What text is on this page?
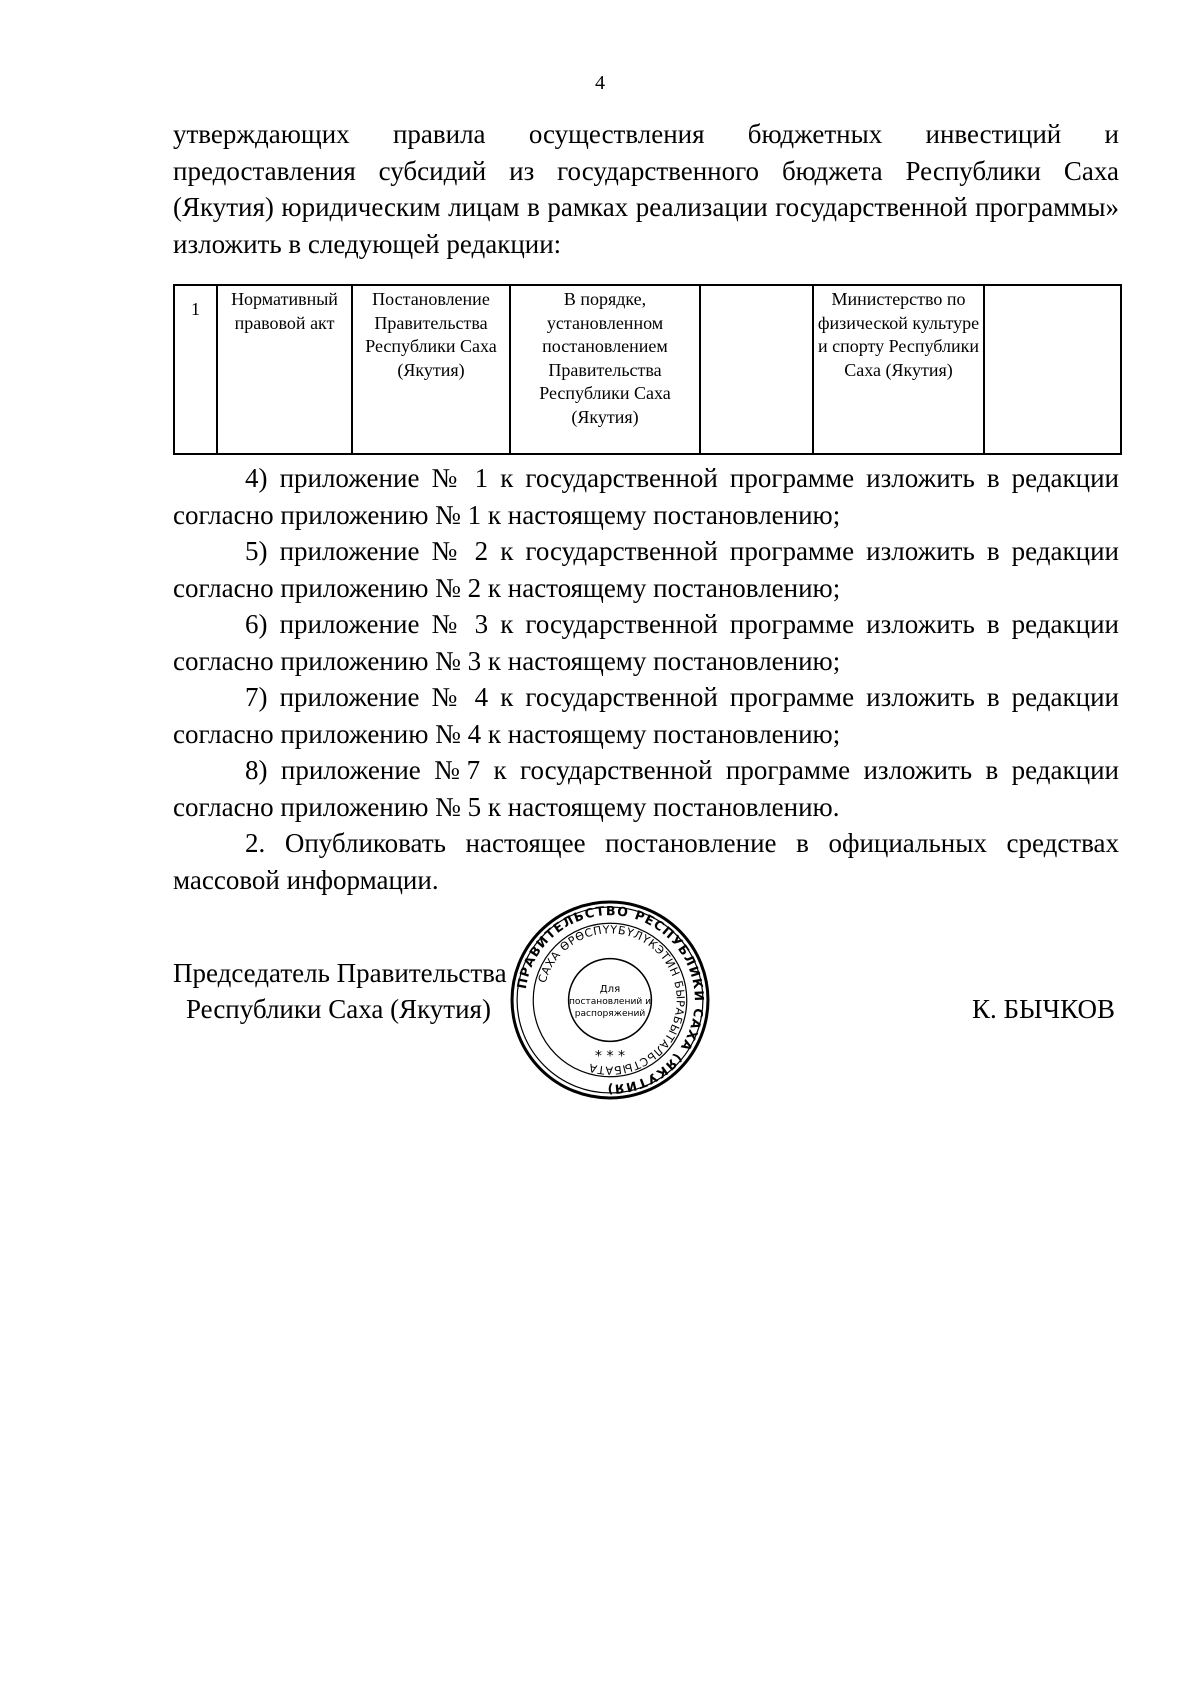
4
утверждающих правила осуществления бюджетных инвестиций и предоставления субсидий из государственного бюджета Республики Саха (Якутия) юридическим лицам в рамках реализации государственной программы» изложить в следующей редакции:
1	Нормативный правовой акт	Постановление Правительства Республики Саха (Якутия)	В порядке, установленном постановлением Правительства Республики Саха (Якутия)		Министерство по физической культуре и спорту Республики Саха (Якутия)	

4) приложение № 1 к государственной программе изложить в редакции согласно приложению № 1 к настоящему постановлению;

5) приложение № 2 к государственной программе изложить в редакции согласно приложению № 2 к настоящему постановлению;

6) приложение № 3 к государственной программе изложить в редакции согласно приложению № 3 к настоящему постановлению;

7) приложение № 4 к государственной программе изложить в редакции согласно приложению № 4 к настоящему постановлению;

8) приложение №7 к государственной программе изложить в редакции согласно приложению № 5 к настоящему постановлению.

2. Опубликовать настоящее постановление в официальных средствах массовой информации.

Председатель Правительства
Республики Саха (Якутия)	К. БЫЧКОВ
ПРАВИТЕЛЬСТВО РЕСПУБЛИКИ САХА (ЯКУТИЯ)
САХА ӨРӨСПҮҮБҮЛҮКЭТИН БЫРАБЫТАЛЬСТЫБАТА
Для
постановлений и
распоряжений
* * *
